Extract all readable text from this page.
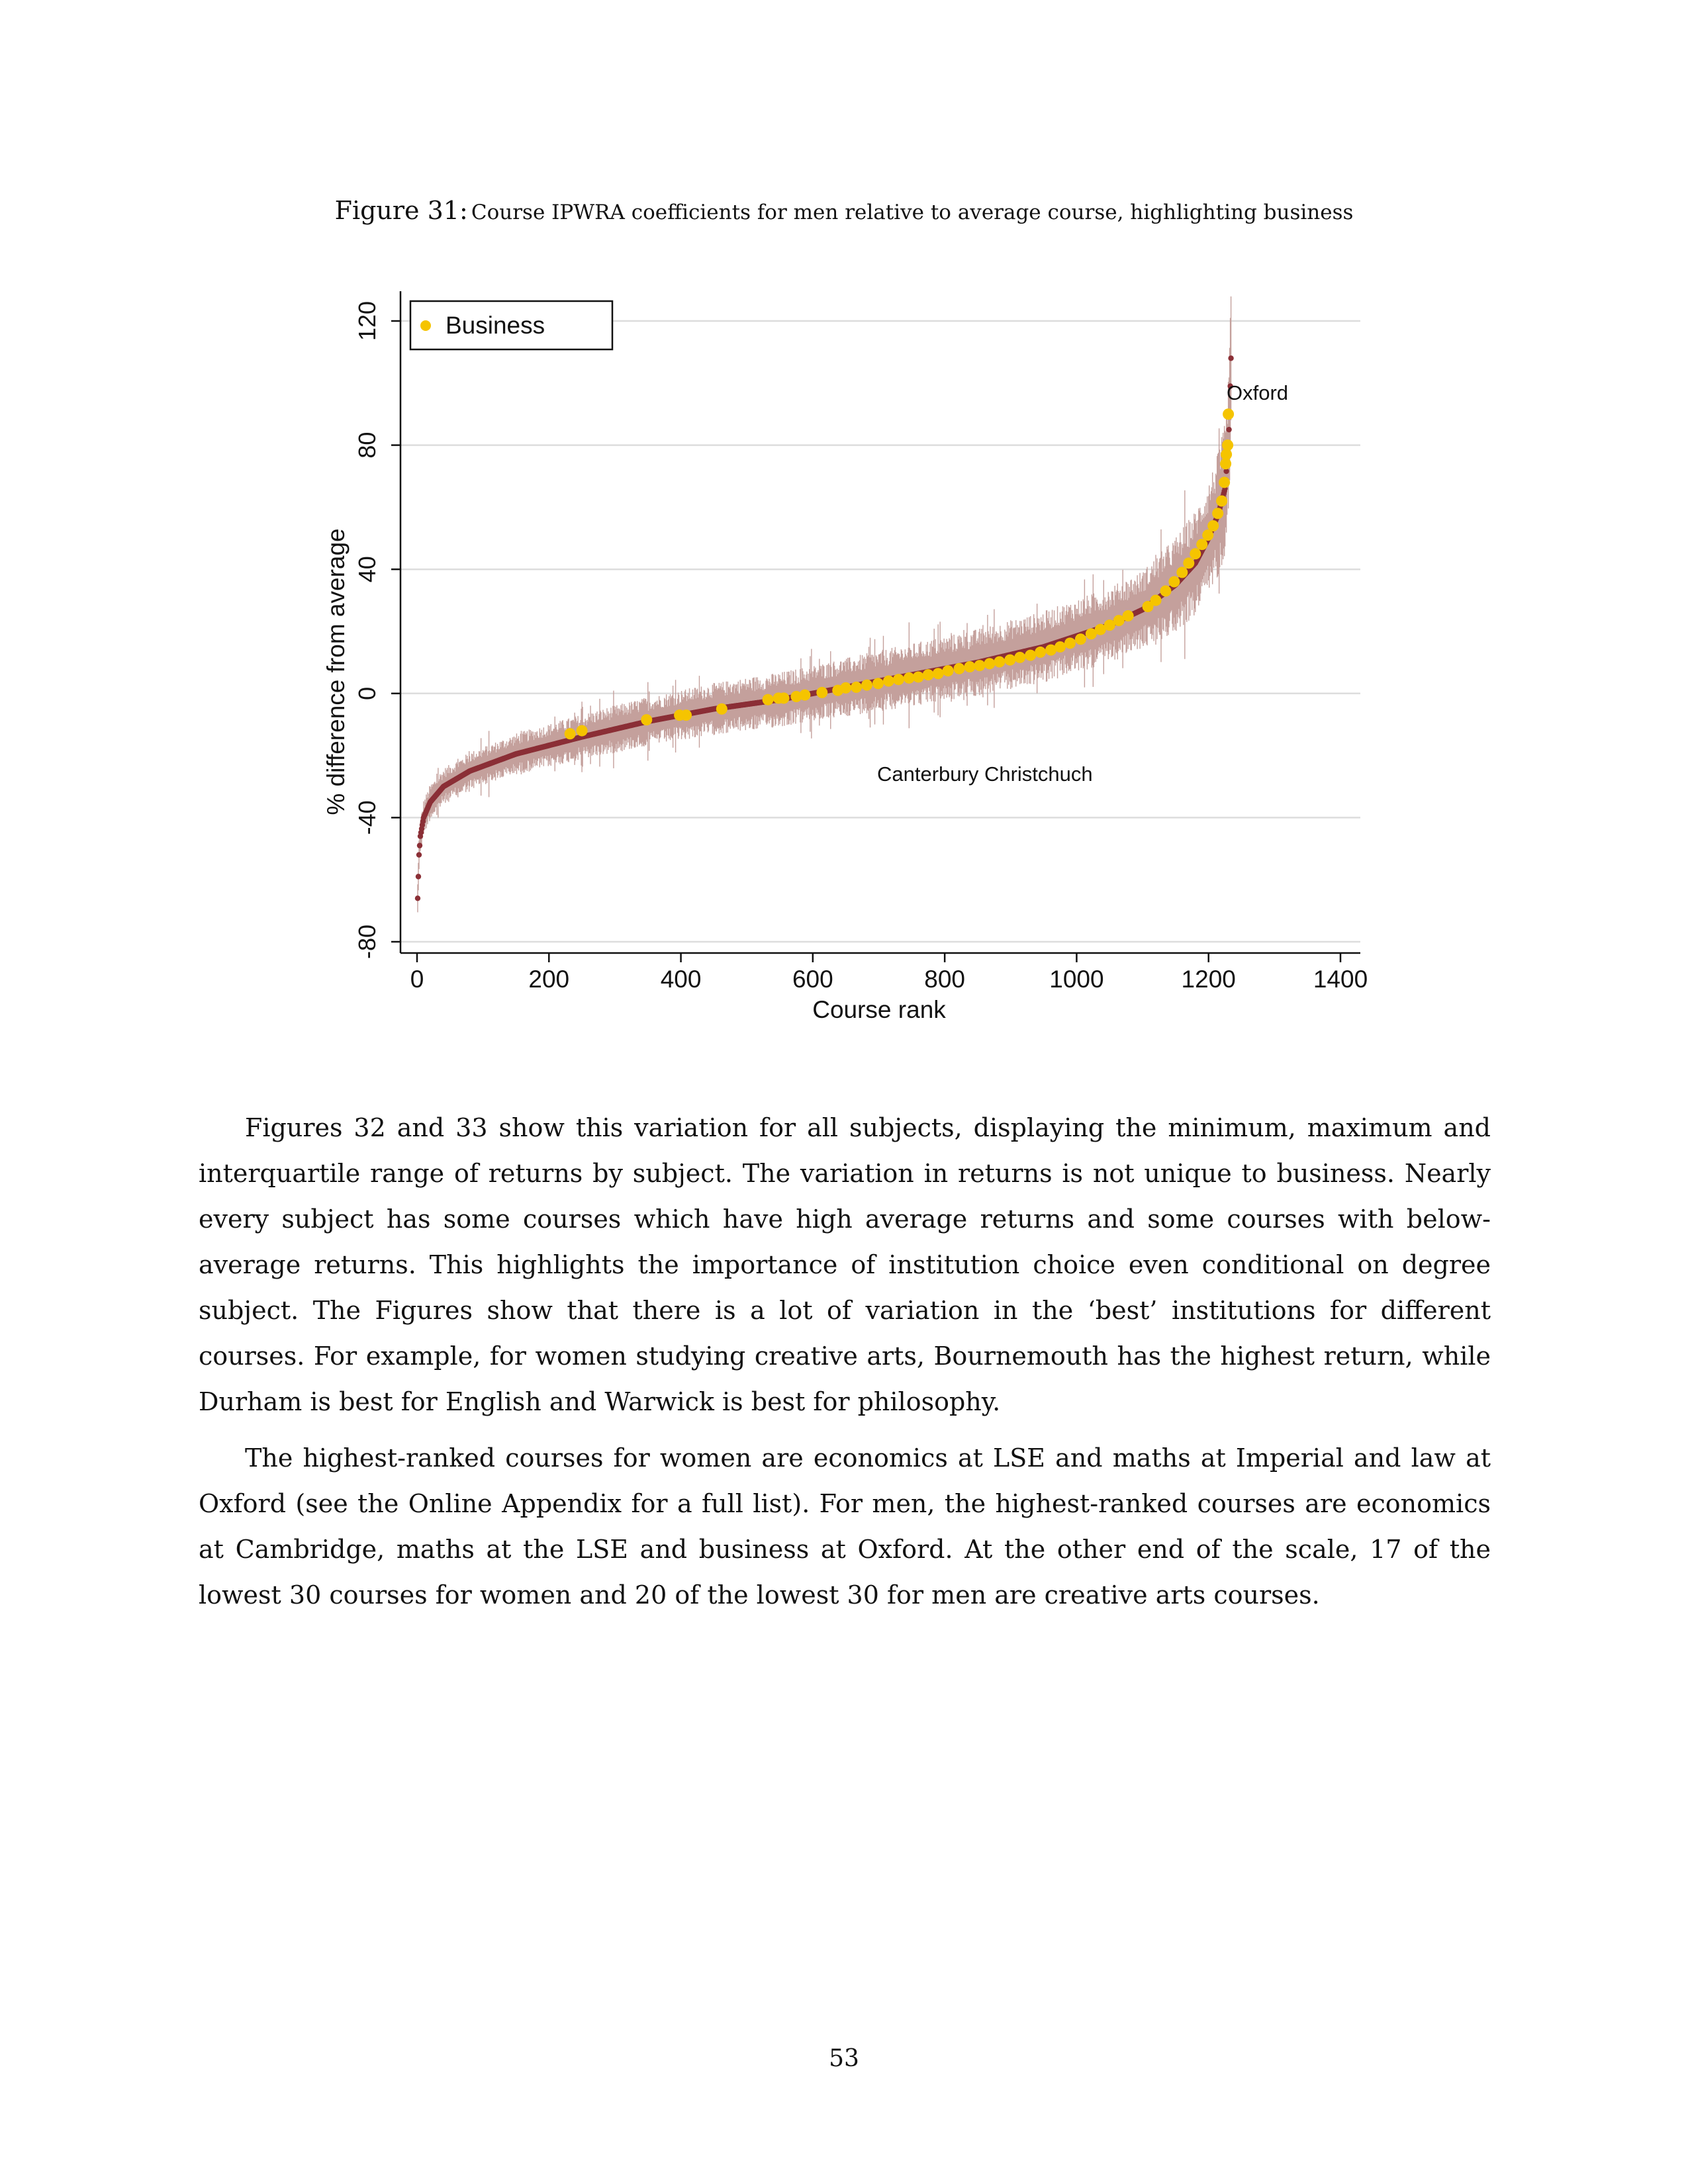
Figure 31: Course IPWRA coefficients for men relative to average course, highlighting business
-80
-40
0
40
80
120
0	200	400	600	800	1000	1200	1400
Business
Canterbury Christchuch
Oxford
Course rank
% difference from average

Figures 32 and 33 show this variation for all subjects, displaying the minimum, maximum and interquartile range of returns by subject. The variation in returns is not unique to business. Nearly every subject has some courses which have high average returns and some courses with below-average returns. This highlights the importance of institution choice even conditional on degree subject. The Figures show that there is a lot of variation in the ‘best’ institutions for different courses. For example, for women studying creative arts, Bournemouth has the highest return, while Durham is best for English and Warwick is best for philosophy.

The highest-ranked courses for women are economics at LSE and maths at Imperial and law at Oxford (see the Online Appendix for a full list). For men, the highest-ranked courses are economics at Cambridge, maths at the LSE and business at Oxford. At the other end of the scale, 17 of the lowest 30 courses for women and 20 of the lowest 30 for men are creative arts courses.

53
